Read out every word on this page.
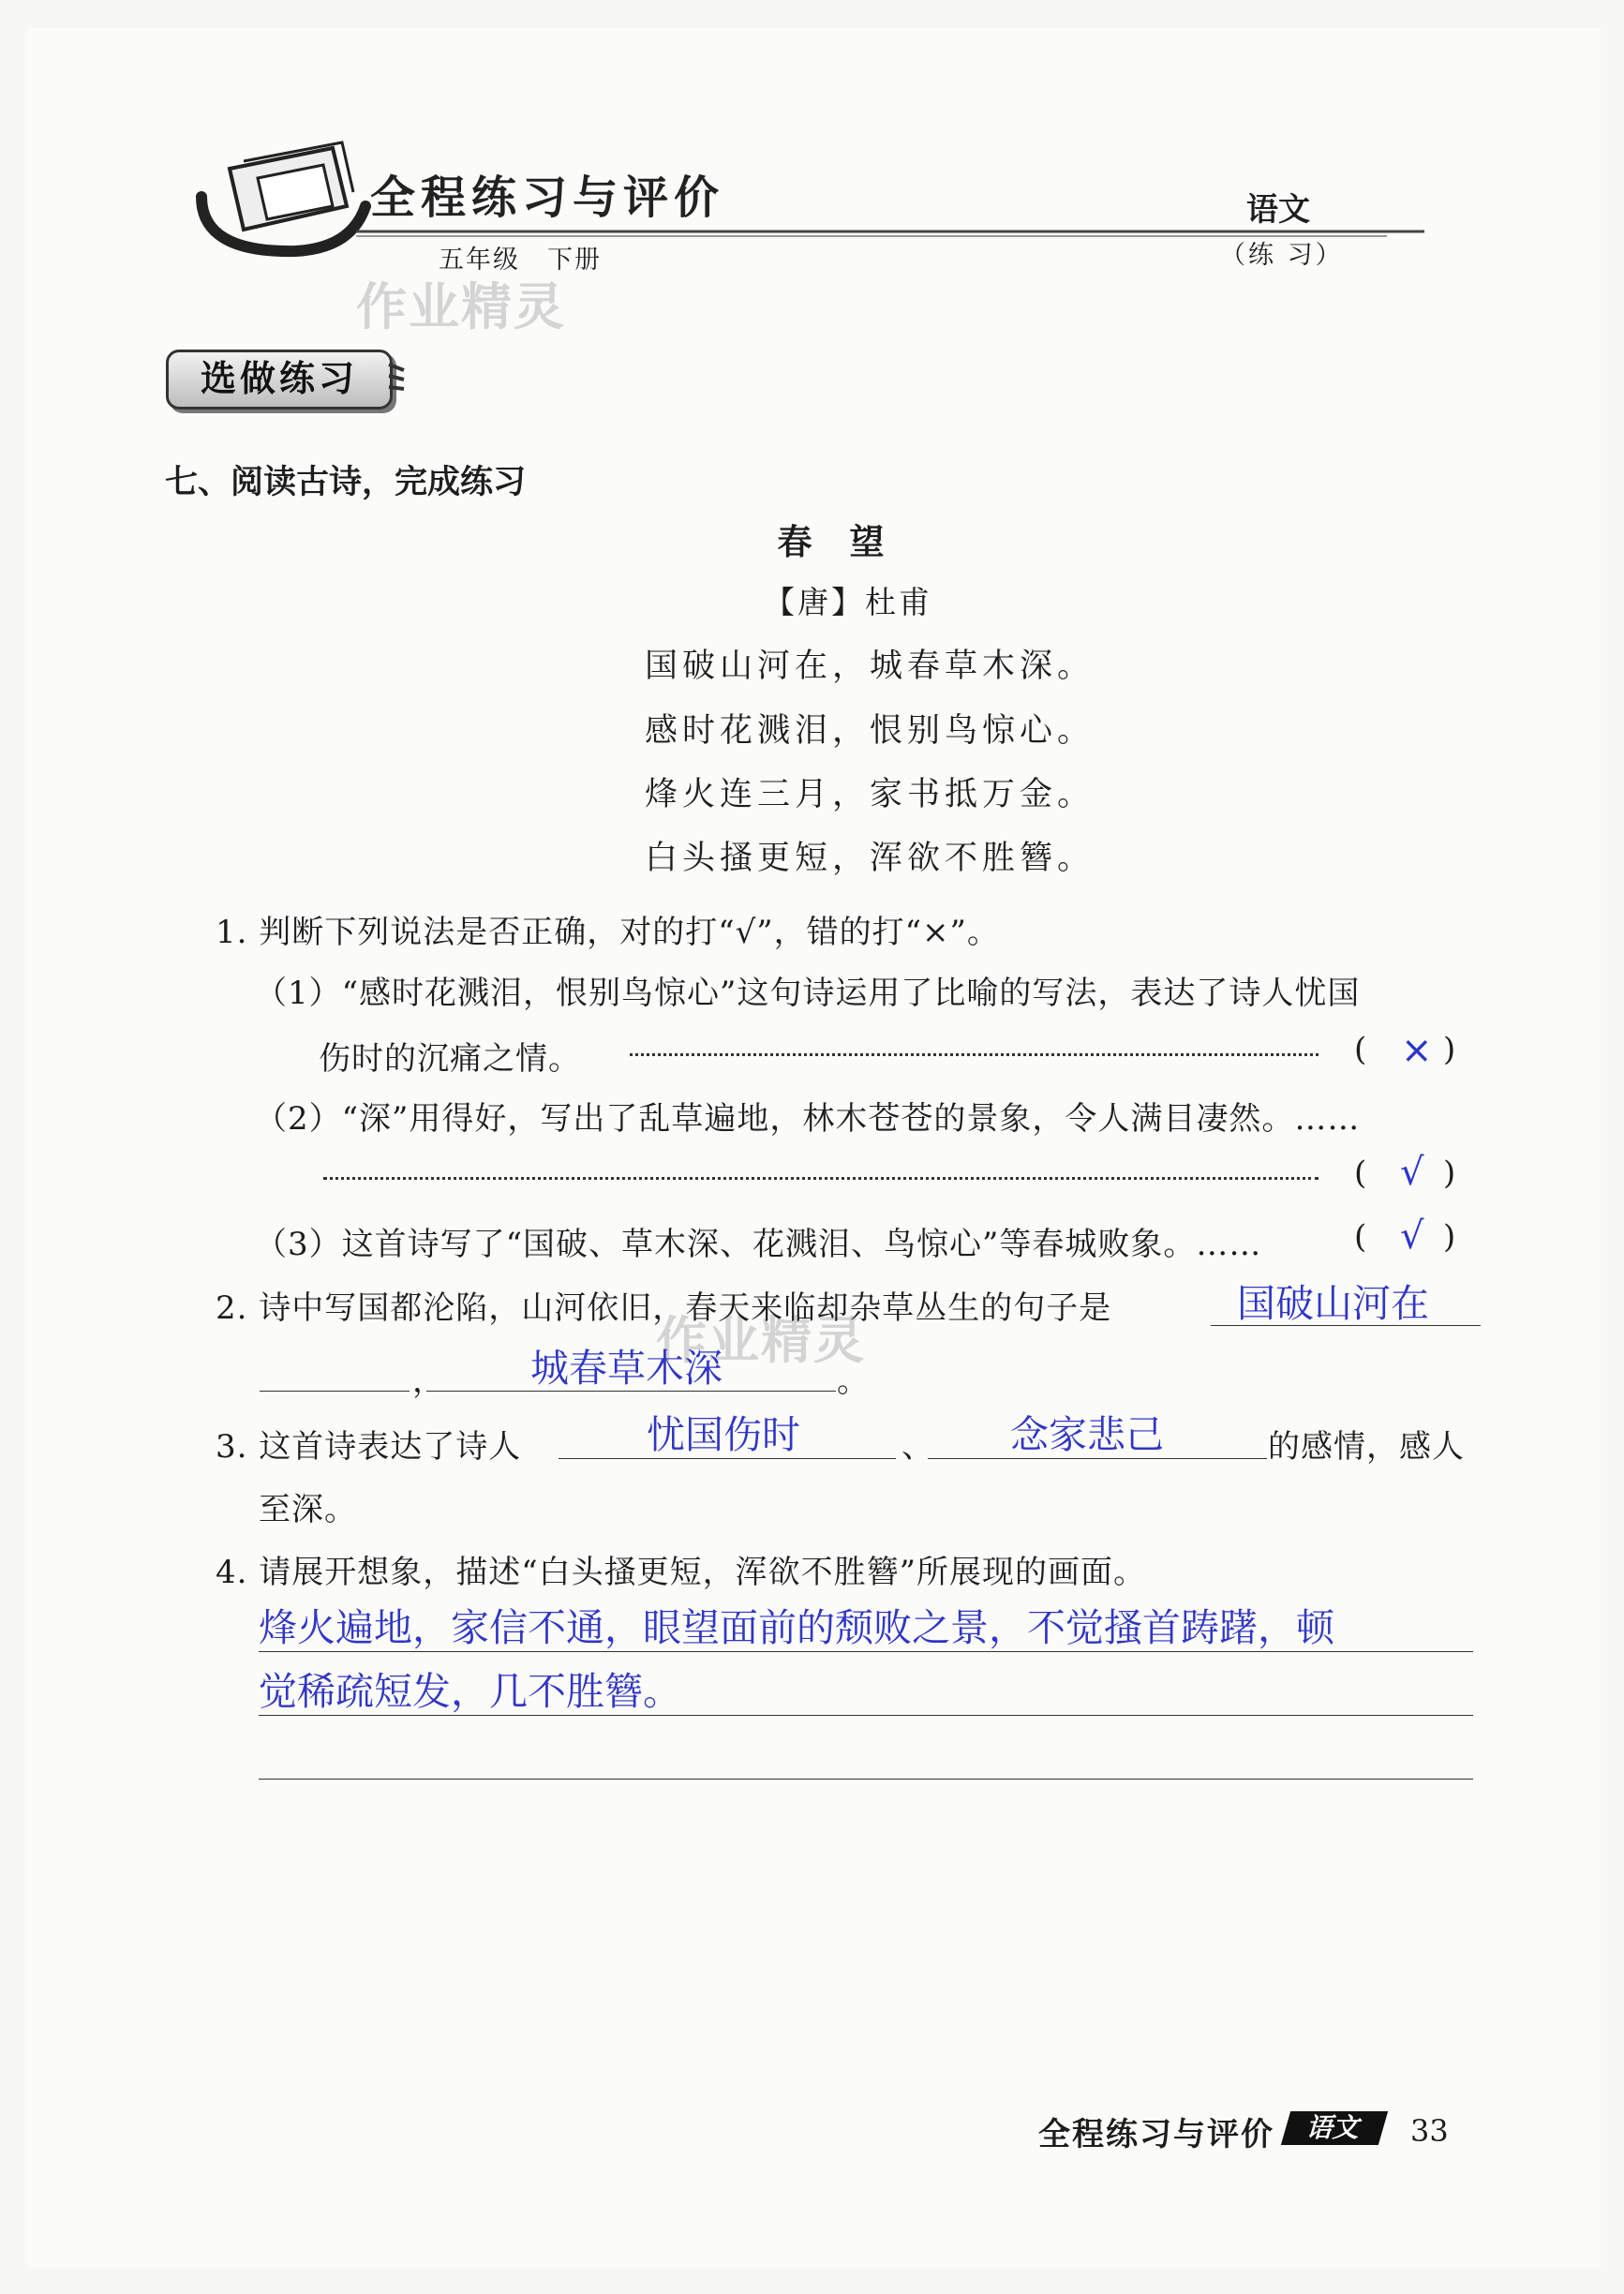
全程练习与评价
五年级　下册
语文
（练 习）
作业精灵
作业精灵
选做练习
七、阅读古诗，完成练习
春望
【唐】杜甫
国破山河在，城春草木深。
感时花溅泪，恨别鸟惊心。
烽火连三月，家书抵万金。
白头搔更短，浑欲不胜簪。
1. 判断下列说法是否正确，对的打“√”，错的打“×”。
（1）“感时花溅泪，恨别鸟惊心”这句诗运用了比喻的写法，表达了诗人忧国
伤时的沉痛之情。	( × )
（2）“深”用得好，写出了乱草遍地，林木苍苍的景象，令人满目凄然。……
( √ )
（3）这首诗写了“国破、草木深、花溅泪、鸟惊心”等春城败象。……	( √ )
2. 诗中写国都沦陷，山河依旧，春天来临却杂草丛生的句子是	国破山河在
， 城春草木深	。
3. 这首诗表达了诗人	忧国伤时	、 念家悲己	的感情，感人
至深。
4. 请展开想象，描述“白头搔更短，浑欲不胜簪”所展现的画面。
烽火遍地，家信不通，眼望面前的颓败之景，不觉搔首踌躇，顿
觉稀疏短发，几不胜簪。
全程练习与评价	语文	33
